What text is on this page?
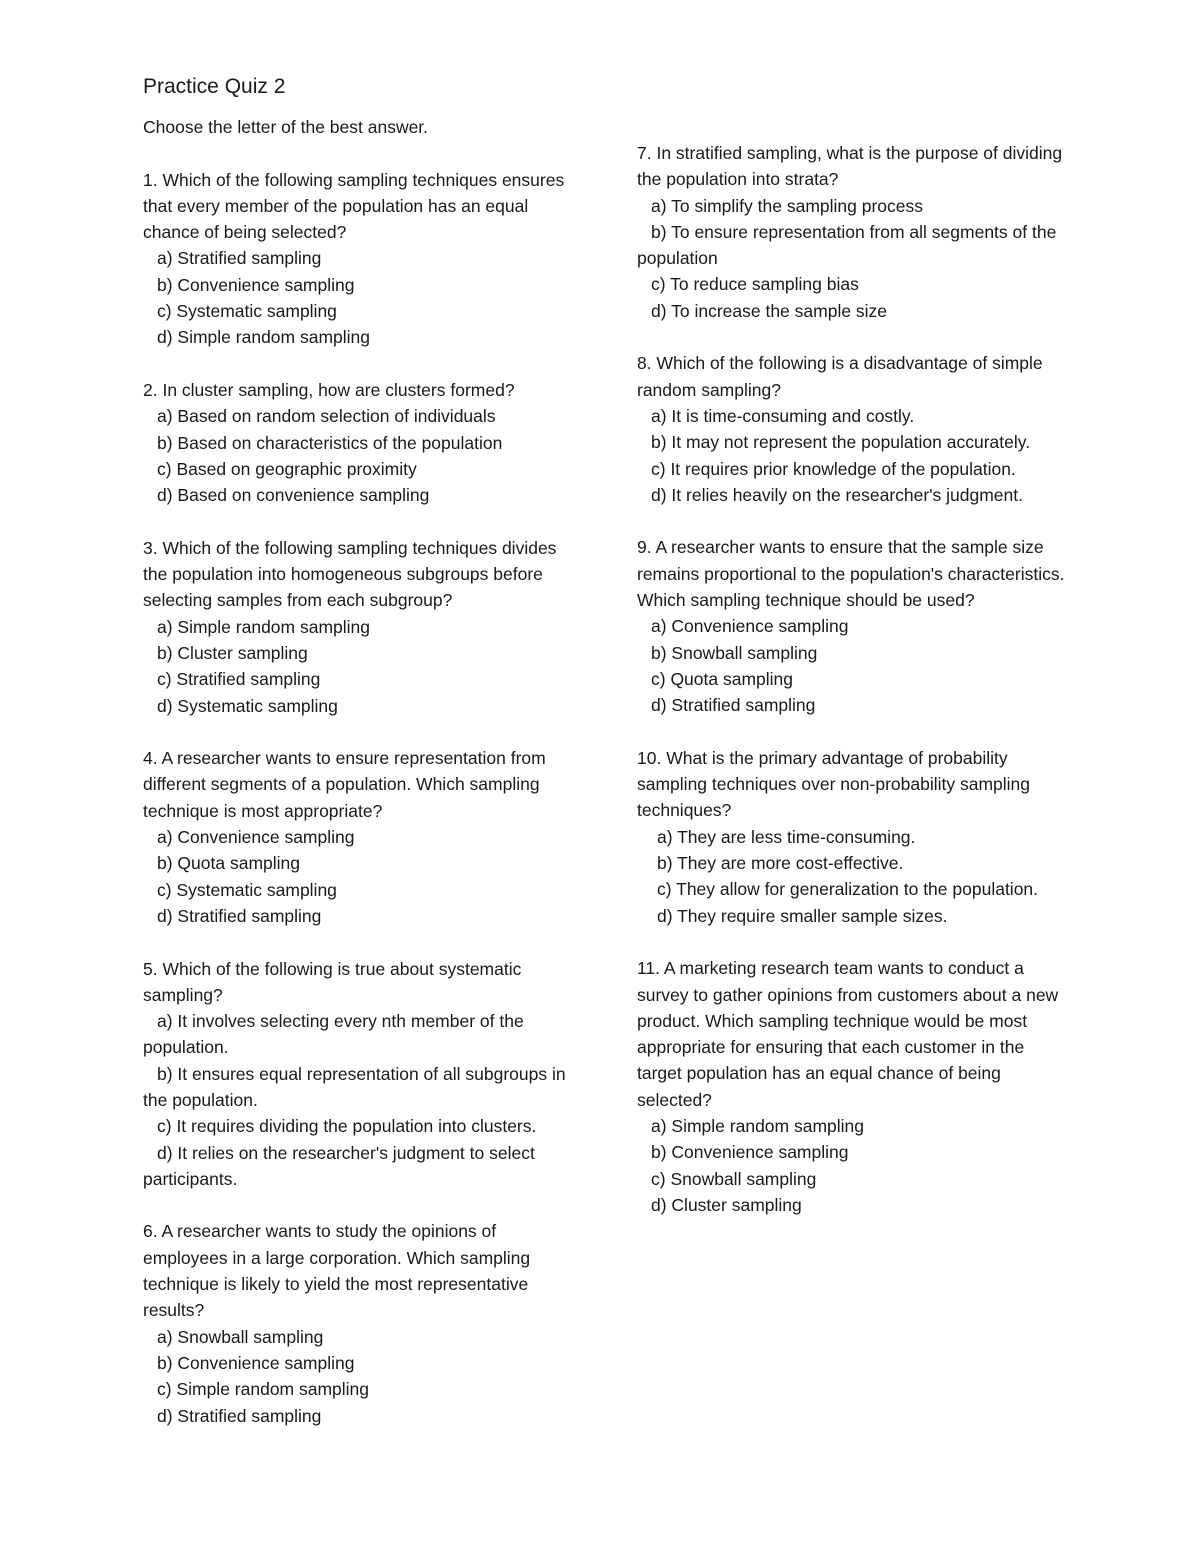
Practice Quiz 2

Choose the letter of the best answer.

1. Which of the following sampling techniques ensures that every member of the population has an equal chance of being selected?

a) Stratified sampling
b) Convenience sampling
c) Systematic sampling
d) Simple random sampling

2. In cluster sampling, how are clusters formed?

a) Based on random selection of individuals
b) Based on characteristics of the population
c) Based on geographic proximity
d) Based on convenience sampling

3. Which of the following sampling techniques divides the population into homogeneous subgroups before selecting samples from each subgroup?

a) Simple random sampling
b) Cluster sampling
c) Stratified sampling
d) Systematic sampling

4. A researcher wants to ensure representation from different segments of a population. Which sampling technique is most appropriate?

a) Convenience sampling
b) Quota sampling
c) Systematic sampling
d) Stratified sampling

5. Which of the following is true about systematic sampling?

a) It involves selecting every nth member of the population.
b) It ensures equal representation of all subgroups in the population.
c) It requires dividing the population into clusters.
d) It relies on the researcher's judgment to select participants.

6. A researcher wants to study the opinions of employees in a large corporation. Which sampling technique is likely to yield the most representative results?

a) Snowball sampling
b) Convenience sampling
c) Simple random sampling
d) Stratified sampling

7. In stratified sampling, what is the purpose of dividing the population into strata?

a) To simplify the sampling process
b) To ensure representation from all segments of the population
c) To reduce sampling bias
d) To increase the sample size

8. Which of the following is a disadvantage of simple random sampling?

a) It is time-consuming and costly.
b) It may not represent the population accurately.
c) It requires prior knowledge of the population.
d) It relies heavily on the researcher's judgment.

9. A researcher wants to ensure that the sample size remains proportional to the population's characteristics. Which sampling technique should be used?

a) Convenience sampling
b) Snowball sampling
c) Quota sampling
d) Stratified sampling

10. What is the primary advantage of probability sampling techniques over non-probability sampling techniques?

a) They are less time-consuming.
b) They are more cost-effective.
c) They allow for generalization to the population.
d) They require smaller sample sizes.

11. A marketing research team wants to conduct a survey to gather opinions from customers about a new product. Which sampling technique would be most appropriate for ensuring that each customer in the target population has an equal chance of being selected?

a) Simple random sampling
b) Convenience sampling
c) Snowball sampling
d) Cluster sampling
